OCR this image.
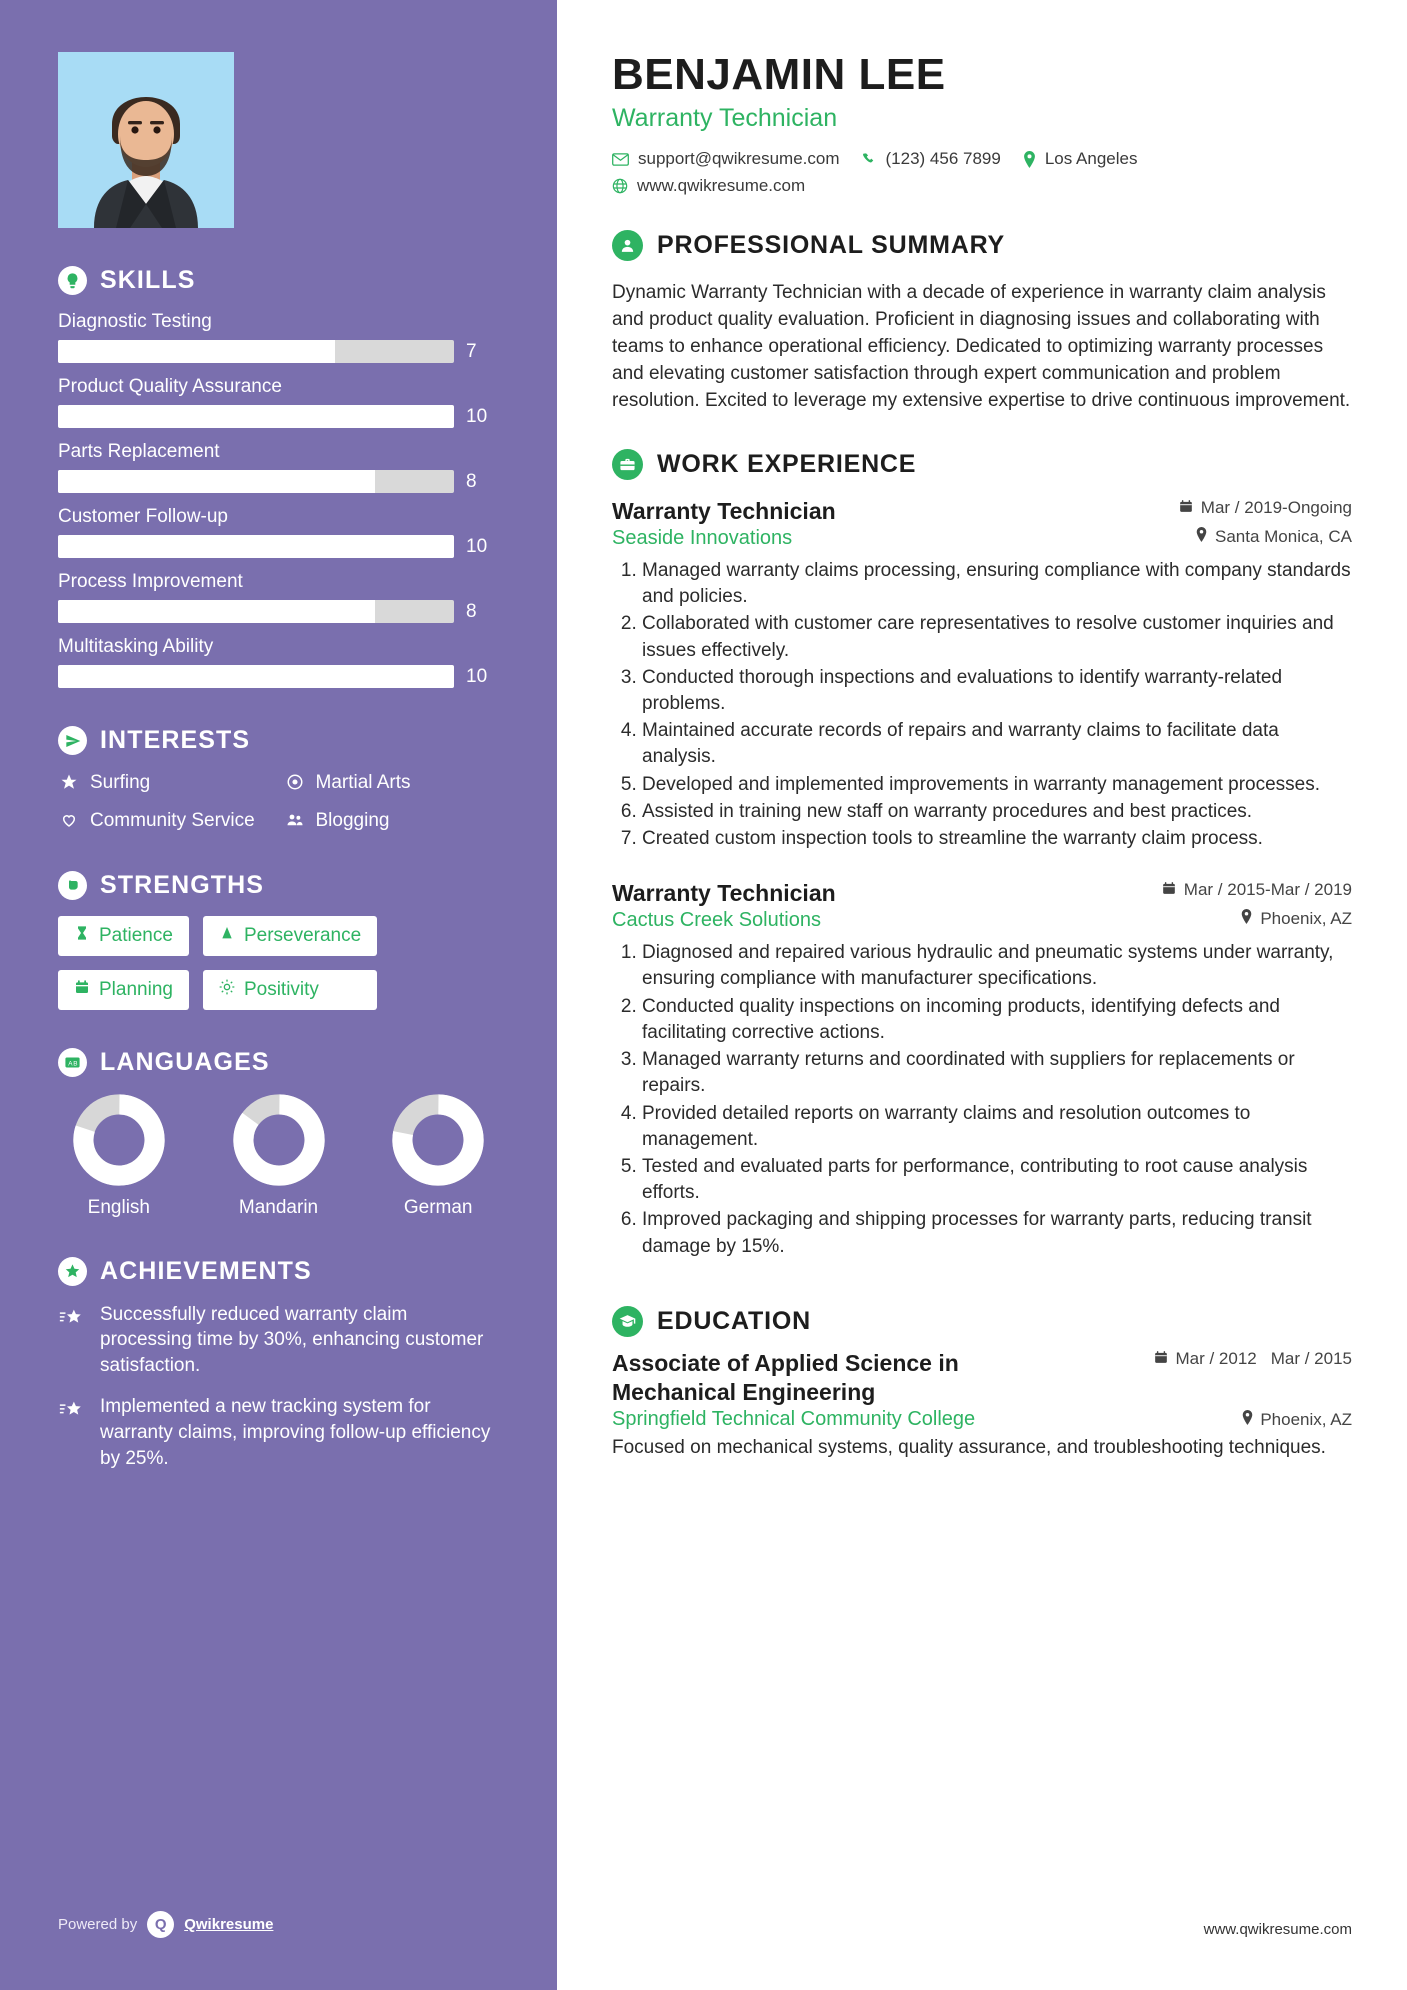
SKILLS
Diagnostic Testing
7
Product Quality Assurance
10
Parts Replacement
8
Customer Follow-up
10
Process Improvement
8
Multitasking Ability
10
INTERESTS
Surfing	Martial Arts
Community Service	Blogging
STRENGTHS
Patience	Perseverance
Planning	Positivity
A B LANGUAGES
English	Mandarin	German
ACHIEVEMENTS
Successfully reduced warranty claim processing time by 30%, enhancing customer satisfaction.
Implemented a new tracking system for warranty claims, improving follow-up efficiency by 25%.
Powered by	Q	Qwikresume
BENJAMIN LEE
Warranty Technician
support@qwikresume.com	(123) 456 7899	Los Angeles
www.qwikresume.com
PROFESSIONAL SUMMARY

Dynamic Warranty Technician with a decade of experience in warranty claim analysis and product quality evaluation. Proficient in diagnosing issues and collaborating with teams to enhance operational efficiency. Dedicated to optimizing warranty processes and elevating customer satisfaction through expert communication and problem resolution. Excited to leverage my extensive expertise to drive continuous improvement.

WORK EXPERIENCE
Warranty Technician	Mar / 2019-Ongoing
Seaside Innovations	Santa Monica, CA
1. Managed warranty claims processing, ensuring compliance with company standards and policies.
2. Collaborated with customer care representatives to resolve customer inquiries and issues effectively.
3. Conducted thorough inspections and evaluations to identify warranty-related problems.
4. Maintained accurate records of repairs and warranty claims to facilitate data analysis.
5. Developed and implemented improvements in warranty management processes.
6. Assisted in training new staff on warranty procedures and best practices.
7. Created custom inspection tools to streamline the warranty claim process.
Warranty Technician	Mar / 2015-Mar / 2019
Cactus Creek Solutions	Phoenix, AZ
1. Diagnosed and repaired various hydraulic and pneumatic systems under warranty, ensuring compliance with manufacturer specifications.
2. Conducted quality inspections on incoming products, identifying defects and facilitating corrective actions.
3. Managed warranty returns and coordinated with suppliers for replacements or repairs.
4. Provided detailed reports on warranty claims and resolution outcomes to management.
5. Tested and evaluated parts for performance, contributing to root cause analysis efforts.
6. Improved packaging and shipping processes for warranty parts, reducing transit damage by 15%.
EDUCATION
Associate of Applied Science in Mechanical Engineering
Mar / 2012 Mar / 2015
Springfield Technical Community College	Phoenix, AZ
Focused on mechanical systems, quality assurance, and troubleshooting techniques.
www.qwikresume.com
